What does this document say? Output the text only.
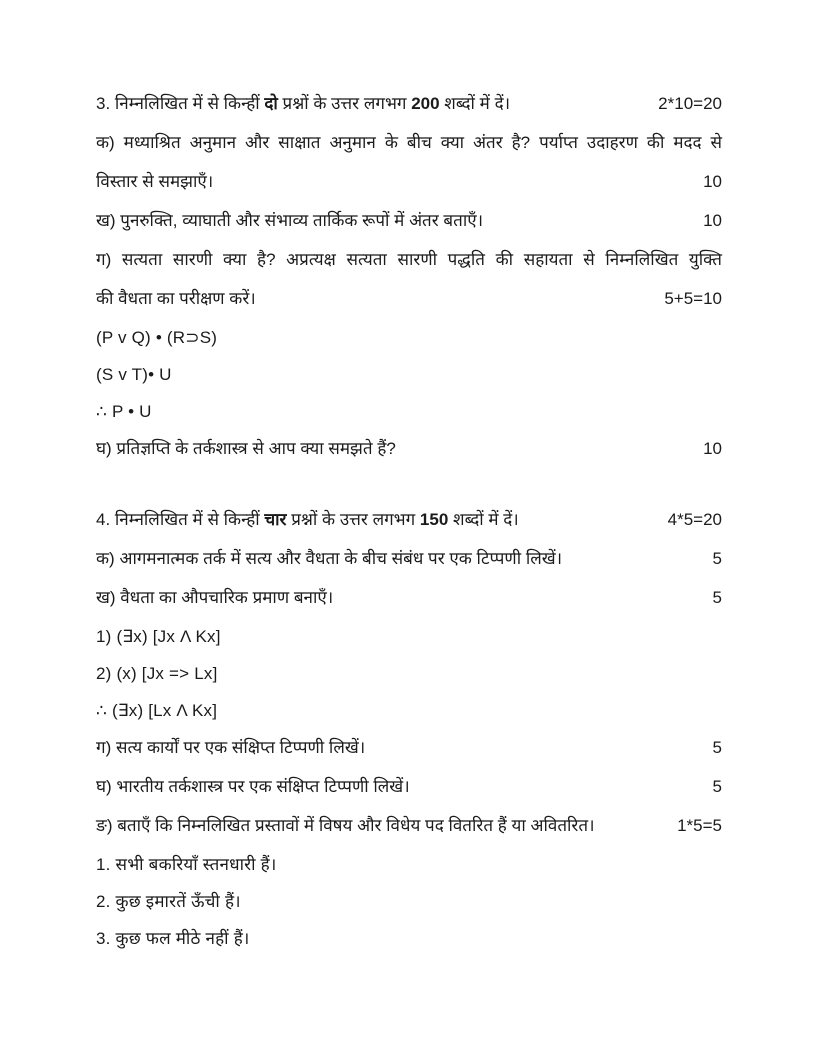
3. निम्नलिखित में से किन्हीं दो प्रश्नों के उत्तर लगभग 200 शब्दों में दें।	2*10=20
क) मध्याश्रित अनुमान और साक्षात अनुमान के बीच क्या अंतर है? पर्याप्त उदाहरण की मदद से
विस्तार से समझाएँ।	10
ख) पुनरुक्ति, व्याघाती और संभाव्य तार्किक रूपों में अंतर बताएँ।	10
ग) सत्यता सारणी क्या है? अप्रत्यक्ष सत्यता सारणी पद्धति की सहायता से निम्नलिखित युक्ति
की वैधता का परीक्षण करें।	5+5=10
(P v Q) • (R⊃S)
(S v T)• U
∴ P • U
घ) प्रतिज्ञप्ति के तर्कशास्त्र से आप क्या समझते हैं?	10
4. निम्नलिखित में से किन्हीं चार प्रश्नों के उत्तर लगभग 150 शब्दों में दें।	4*5=20
क) आगमनात्मक तर्क में सत्य और वैधता के बीच संबंध पर एक टिप्पणी लिखें।	5
ख) वैधता का औपचारिक प्रमाण बनाएँ।	5
1) (∃x) [Jx Λ Kx]
2) (x) [Jx => Lx]
∴ (∃x) [Lx Λ Kx]
ग) सत्य कार्यों पर एक संक्षिप्त टिप्पणी लिखें।	5
घ) भारतीय तर्कशास्त्र पर एक संक्षिप्त टिप्पणी लिखें।	5
ङ) बताएँ कि निम्नलिखित प्रस्तावों में विषय और विधेय पद वितरित हैं या अवितरित।	1*5=5
1. सभी बकरियाँ स्तनधारी हैं।
2. कुछ इमारतें ऊँची हैं।
3. कुछ फल मीठे नहीं हैं।
